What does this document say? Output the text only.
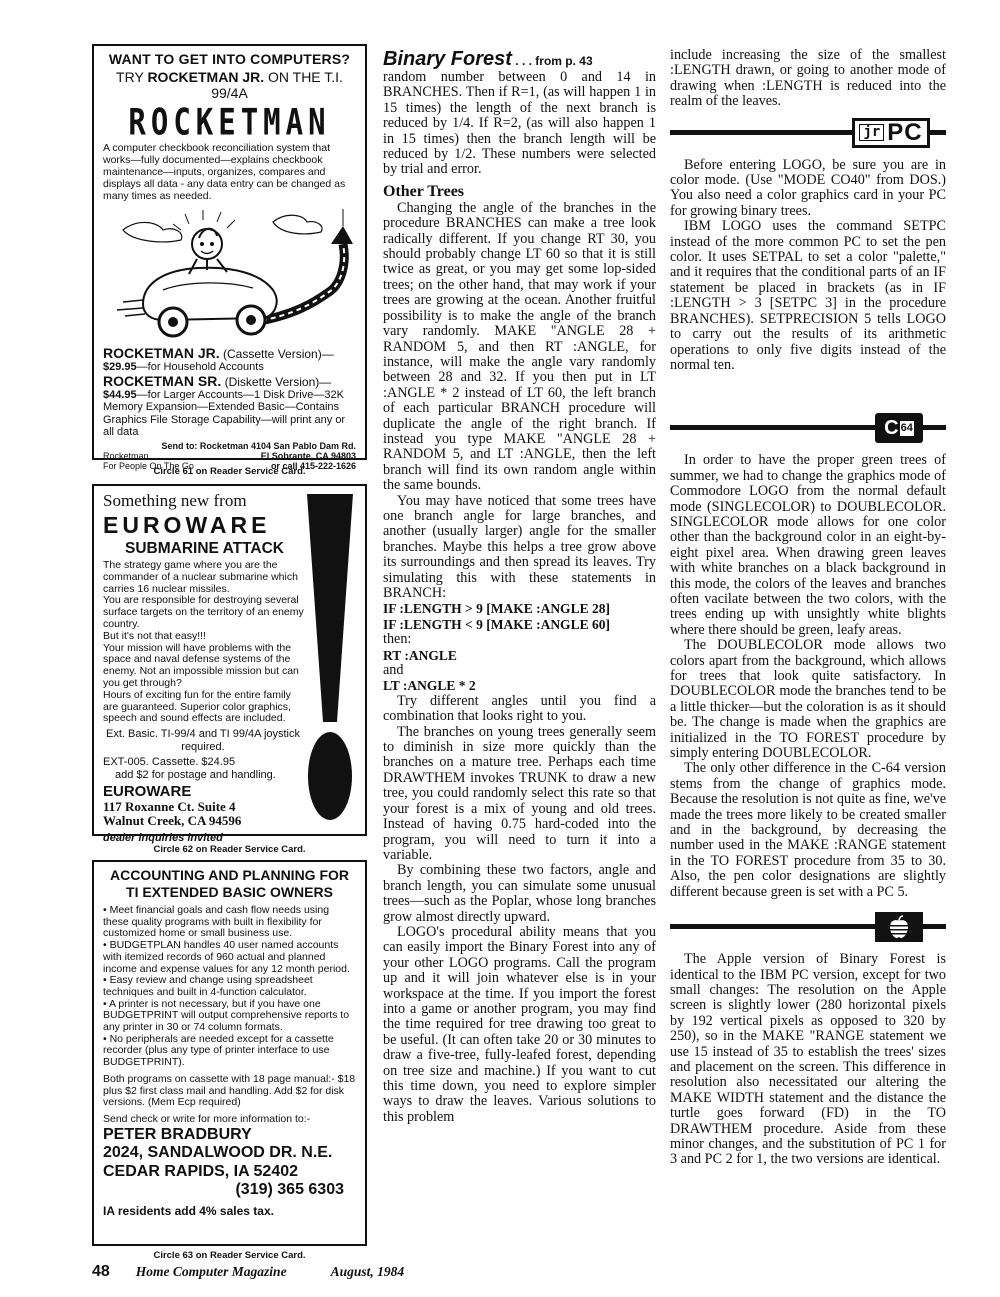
WANT TO GET INTO COMPUTERS?
TRY ROCKETMAN JR. ON THE T.I. 99/4A
ROCKETMAN
A computer checkbook reconciliation system that works—fully documented—explains checkbook maintenance—inputs, organizes, compares and displays all data - any data entry can be changed as many times as needed.
ROCKETMAN JR. (Cassette Version)—
$29.95—for Household Accounts
ROCKETMAN SR. (Diskette Version)—
$44.95—for Larger Accounts—1 Disk Drive—32K Memory Expansion—Extended Basic—Contains Graphics File Storage Capability—will print any or all data
Send to: Rocketman 4104 San Pablo Dam Rd.
Rocketman	El Sobrante, CA 94803
For People On The Go	or call 415-222-1626
Circle 61 on Reader Service Card.
Something new from
EUROWARE
SUBMARINE ATTACK

The strategy game where you are the commander of a nuclear submarine which carries 16 nuclear missiles.

You are responsible for destroying several surface targets on the territory of an enemy country.

But it's not that easy!!!

Your mission will have problems with the space and naval defense systems of the enemy. Not an impossible mission but can you get through?

Hours of exciting fun for the entire family are guaranteed. Superior color graphics, speech and sound effects are included.

Ext. Basic. TI-99/4 and TI 99/4A joystick required.
EXT-005. Cassette. $24.95
add $2 for postage and handling.
EUROWARE
117 Roxanne Ct. Suite 4
Walnut Creek, CA 94596
dealer inquiries invited
Circle 62 on Reader Service Card.
ACCOUNTING AND PLANNING FOR
TI EXTENDED BASIC OWNERS
• Meet financial goals and cash flow needs using these quality programs with built in flexibility for customized home or small business use.
• BUDGETPLAN handles 40 user named accounts with itemized records of 960 actual and planned income and expense values for any 12 month period.
• Easy review and change using spreadsheet techniques and built in 4-function calculator.
• A printer is not necessary, but if you have one BUDGETPRINT will output comprehensive reports to any printer in 30 or 74 column formats.
• No peripherals are needed except for a cassette recorder (plus any type of printer interface to use BUDGETPRINT).
Both programs on cassette with 18 page manual:- $18 plus $2 first class mail and handling. Add $2 for disk versions. (Mem Ecp required)
Send check or write for more information to:-
PETER BRADBURY
2024, SANDALWOOD DR. N.E.
CEDAR RAPIDS, IA 52402
(319) 365 6303
IA residents add 4% sales tax.
Circle 63 on Reader Service Card.
Binary Forest . . . from p. 43

random number between 0 and 14 in BRANCHES. Then if R=1, (as will happen 1 in 15 times) the length of the next branch is reduced by 1/4. If R=2, (as will also happen 1 in 15 times) then the branch length will be reduced by 1/2. These numbers were selected by trial and error.

Other Trees

Changing the angle of the branches in the procedure BRANCHES can make a tree look radically different. If you change RT 30, you should probably change LT 60 so that it is still twice as great, or you may get some lop-sided trees; on the other hand, that may work if your trees are growing at the ocean. Another fruitful possibility is to make the angle of the branch vary randomly. MAKE "ANGLE 28 + RANDOM 5, and then RT :ANGLE, for instance, will make the angle vary randomly between 28 and 32. If you then put in LT :ANGLE * 2 instead of LT 60, the left branch of each particular BRANCH procedure will duplicate the angle of the right branch. If instead you type MAKE "ANGLE 28 + RANDOM 5, and LT :ANGLE, then the left branch will find its own random angle within the same bounds.

You may have noticed that some trees have one branch angle for large branches, and another (usually larger) angle for the smaller branches. Maybe this helps a tree grow above its surroundings and then spread its leaves. Try simulating this with these statements in BRANCH:

IF :LENGTH > 9 [MAKE :ANGLE 28]
IF :LENGTH < 9 [MAKE :ANGLE 60]
then:
RT :ANGLE
and
LT :ANGLE * 2

Try different angles until you find a combination that looks right to you.

The branches on young trees generally seem to diminish in size more quickly than the branches on a mature tree. Perhaps each time DRAWTHEM invokes TRUNK to draw a new tree, you could randomly select this rate so that your forest is a mix of young and old trees. Instead of having 0.75 hard-coded into the program, you will need to turn it into a variable.

By combining these two factors, angle and branch length, you can simulate some unusual trees—such as the Poplar, whose long branches grow almost directly upward.

LOGO's procedural ability means that you can easily import the Binary Forest into any of your other LOGO programs. Call the program up and it will join whatever else is in your workspace at the time. If you import the forest into a game or another program, you may find the time required for tree drawing too great to be useful. (It can often take 20 or 30 minutes to draw a five-tree, fully-leafed forest, depending on tree size and machine.) If you want to cut this time down, you need to explore simpler ways to draw the leaves. Various solutions to this problem

include increasing the size of the smallest :LENGTH drawn, or going to another mode of drawing when :LENGTH is reduced into the realm of the leaves.

jr PC

Before entering LOGO, be sure you are in color mode. (Use "MODE CO40" from DOS.) You also need a color graphics card in your PC for growing binary trees.

IBM LOGO uses the command SETPC instead of the more common PC to set the pen color. It uses SETPAL to set a color "palette," and it requires that the conditional parts of an IF statement be placed in brackets (as in IF :LENGTH > 3 [SETPC 3] in the procedure BRANCHES). SETPRECISION 5 tells LOGO to carry out the results of its arithmetic operations to only five digits instead of the normal ten.

C 64

In order to have the proper green trees of summer, we had to change the graphics mode of Commodore LOGO from the normal default mode (SINGLECOLOR) to DOUBLECOLOR. SINGLECOLOR mode allows for one color other than the background color in an eight-by-eight pixel area. When drawing green leaves with white branches on a black background in this mode, the colors of the leaves and branches often vacilate between the two colors, with the trees ending up with unsightly white blights where there should be green, leafy areas.

The DOUBLECOLOR mode allows two colors apart from the background, which allows for trees that look quite satisfactory. In DOUBLECOLOR mode the branches tend to be a little thicker—but the coloration is as it should be. The change is made when the graphics are initialized in the TO FOREST procedure by simply entering DOUBLECOLOR.

The only other difference in the C-64 version stems from the change of graphics mode. Because the resolution is not quite as fine, we've made the trees more likely to be created smaller and in the background, by decreasing the number used in the MAKE :RANGE statement in the TO FOREST procedure from 35 to 30. Also, the pen color designations are slightly different because green is set with a PC 5.

The Apple version of Binary Forest is identical to the IBM PC version, except for two small changes: The resolution on the Apple screen is slightly lower (280 horizontal pixels by 192 vertical pixels as opposed to 320 by 250), so in the MAKE "RANGE statement we use 15 instead of 35 to establish the trees' sizes and placement on the screen. This difference in resolution also necessitated our altering the MAKE WIDTH statement and the distance the turtle goes forward (FD) in the TO DRAWTHEM procedure. Aside from these minor changes, and the substitution of PC 1 for 3 and PC 2 for 1, the two versions are identical.

48 Home Computer Magazine	August, 1984
